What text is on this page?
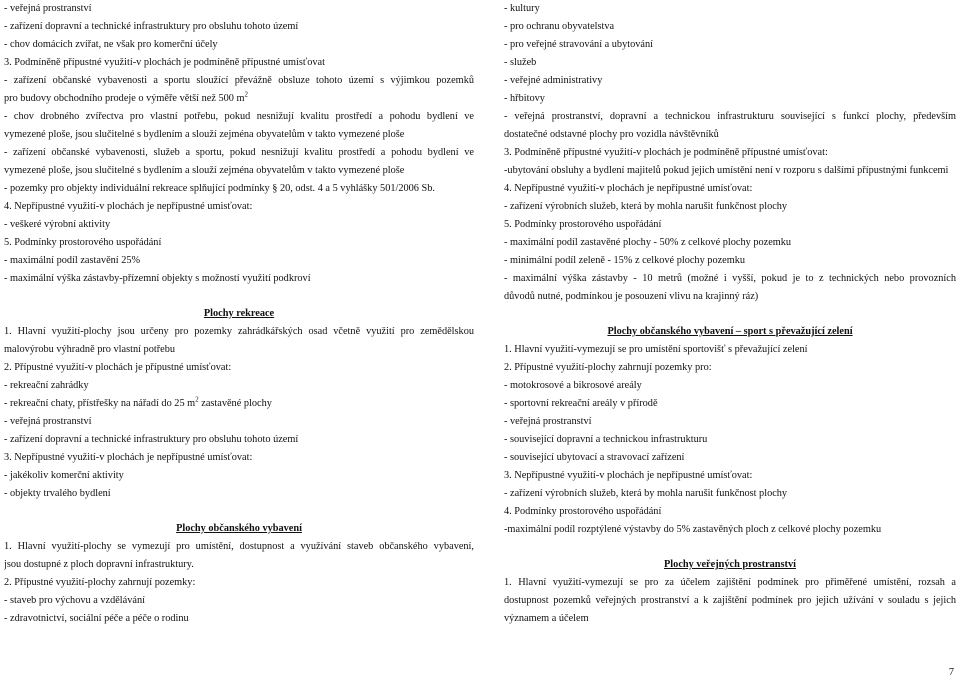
- veřejná prostranství
- zařízení dopravní a technické infrastruktury pro obsluhu tohoto území
- chov domácích zvířat, ne však pro komerční účely
3. Podmíněně přípustné využití-v plochách je podmíněně přípustné umísťovat
- zařízení občanské vybavenosti a sportu sloužící převážně obsluze tohoto území s výjimkou pozemků
pro budovy obchodního prodeje o výměře větší než 500 $m^2$
- chov drobného zvířectva pro vlastní potřebu, pokud nesnižují kvalitu prostředí a pohodu bydlení ve
vymezené ploše, jsou slučitelné s bydlením a slouží zejména obyvatelům v takto vymezené ploše
- zařízení občanské vybavenosti, služeb a sportu, pokud nesnižují kvalitu prostředí a pohodu bydlení ve
vymezené ploše, jsou slučitelné s bydlením a slouží zejména obyvatelům v takto vymezené ploše
- pozemky pro objekty individuální rekreace splňující podmínky § 20, odst. 4 a 5 vyhlášky 501/2006 Sb.
4. Nepřípustné využití-v plochách je nepřípustné umisťovat:
- veškeré výrobní aktivity
5. Podmínky prostorového uspořádání
- maximální podíl zastavění 25%
- maximální výška zástavby-přízemní objekty s možností využití podkroví
Plochy rekreace
1. Hlavní využití-plochy jsou určeny pro pozemky zahrádkářských osad včetně využití pro zemědělskou
malovýrobu výhradně pro vlastní potřebu
2. Přípustné využití-v plochách je přípustné umísťovat:
- rekreační zahrádky
- rekreační chaty, přístřešky na nářadí do 25 $m^2$ zastavěné plochy
- veřejná prostranství
- zařízení dopravní a technické infrastruktury pro obsluhu tohoto území
3. Nepřípustné využití-v plochách je nepřípustné umísťovat:
- jakékoliv komerční aktivity
- objekty trvalého bydlení
Plochy občanského vybavení
1. Hlavní využití-plochy se vymezují pro umístění, dostupnost a využívání staveb občanského vybavení,
jsou dostupné z ploch dopravní infrastruktury.
2. Přípustné využití-plochy zahrnují pozemky:
- staveb pro výchovu a vzdělávání
- zdravotnictví, sociální péče a péče o rodinu
- kultury
- pro ochranu obyvatelstva
- pro veřejné stravování a ubytování
- služeb
- veřejné administrativy
- hřbitovy
- veřejná prostranství, dopravní a technickou infrastrukturu související s funkcí plochy, především
dostatečné odstavné plochy pro vozidla návštěvníků
3. Podmíněně přípustné využití-v plochách je podmíněně přípustné umísťovat:
-ubytování obsluhy a bydlení majitelů pokud jejich umístění není v rozporu s dalšími přípustnými funkcemi
4. Nepřípustné využití-v plochách je nepřípustné umísťovat:
- zařízení výrobních služeb, která by mohla narušit funkčnost plochy
5. Podmínky prostorového uspořádání
- maximální podíl zastavěné plochy - 50% z celkové plochy pozemku
- minimální podíl zeleně - 15% z celkové plochy pozemku
- maximální výška zástavby - 10 metrů (možné i vyšší, pokud je to z technických nebo provozních
důvodů nutné, podmínkou je posouzení vlivu na krajinný ráz)
Plochy občanského vybavení – sport s převažující zelení
1. Hlavní využití-vymezují se pro umístění sportovišť s převažující zelení
2. Přípustné využití-plochy zahrnují pozemky pro:
- motokrosové a bikrosové areály
- sportovní rekreační areály v přírodě
- veřejná prostranství
- související dopravní a technickou infrastrukturu
- související ubytovací a stravovací zařízení
3. Nepřípustné využití-v plochách je nepřípustné umísťovat:
- zařízení výrobních služeb, která by mohla narušit funkčnost plochy
4. Podmínky prostorového uspořádání
-maximální podíl rozptýlené výstavby do 5% zastavěných ploch z celkové plochy pozemku
Plochy veřejných prostranství
1. Hlavní využití-vymezují se pro za účelem zajištění podmínek pro přiměřené umístění, rozsah a
dostupnost pozemků veřejných prostranství a k zajištění podmínek pro jejich užívání v souladu s jejich
významem a účelem
7
